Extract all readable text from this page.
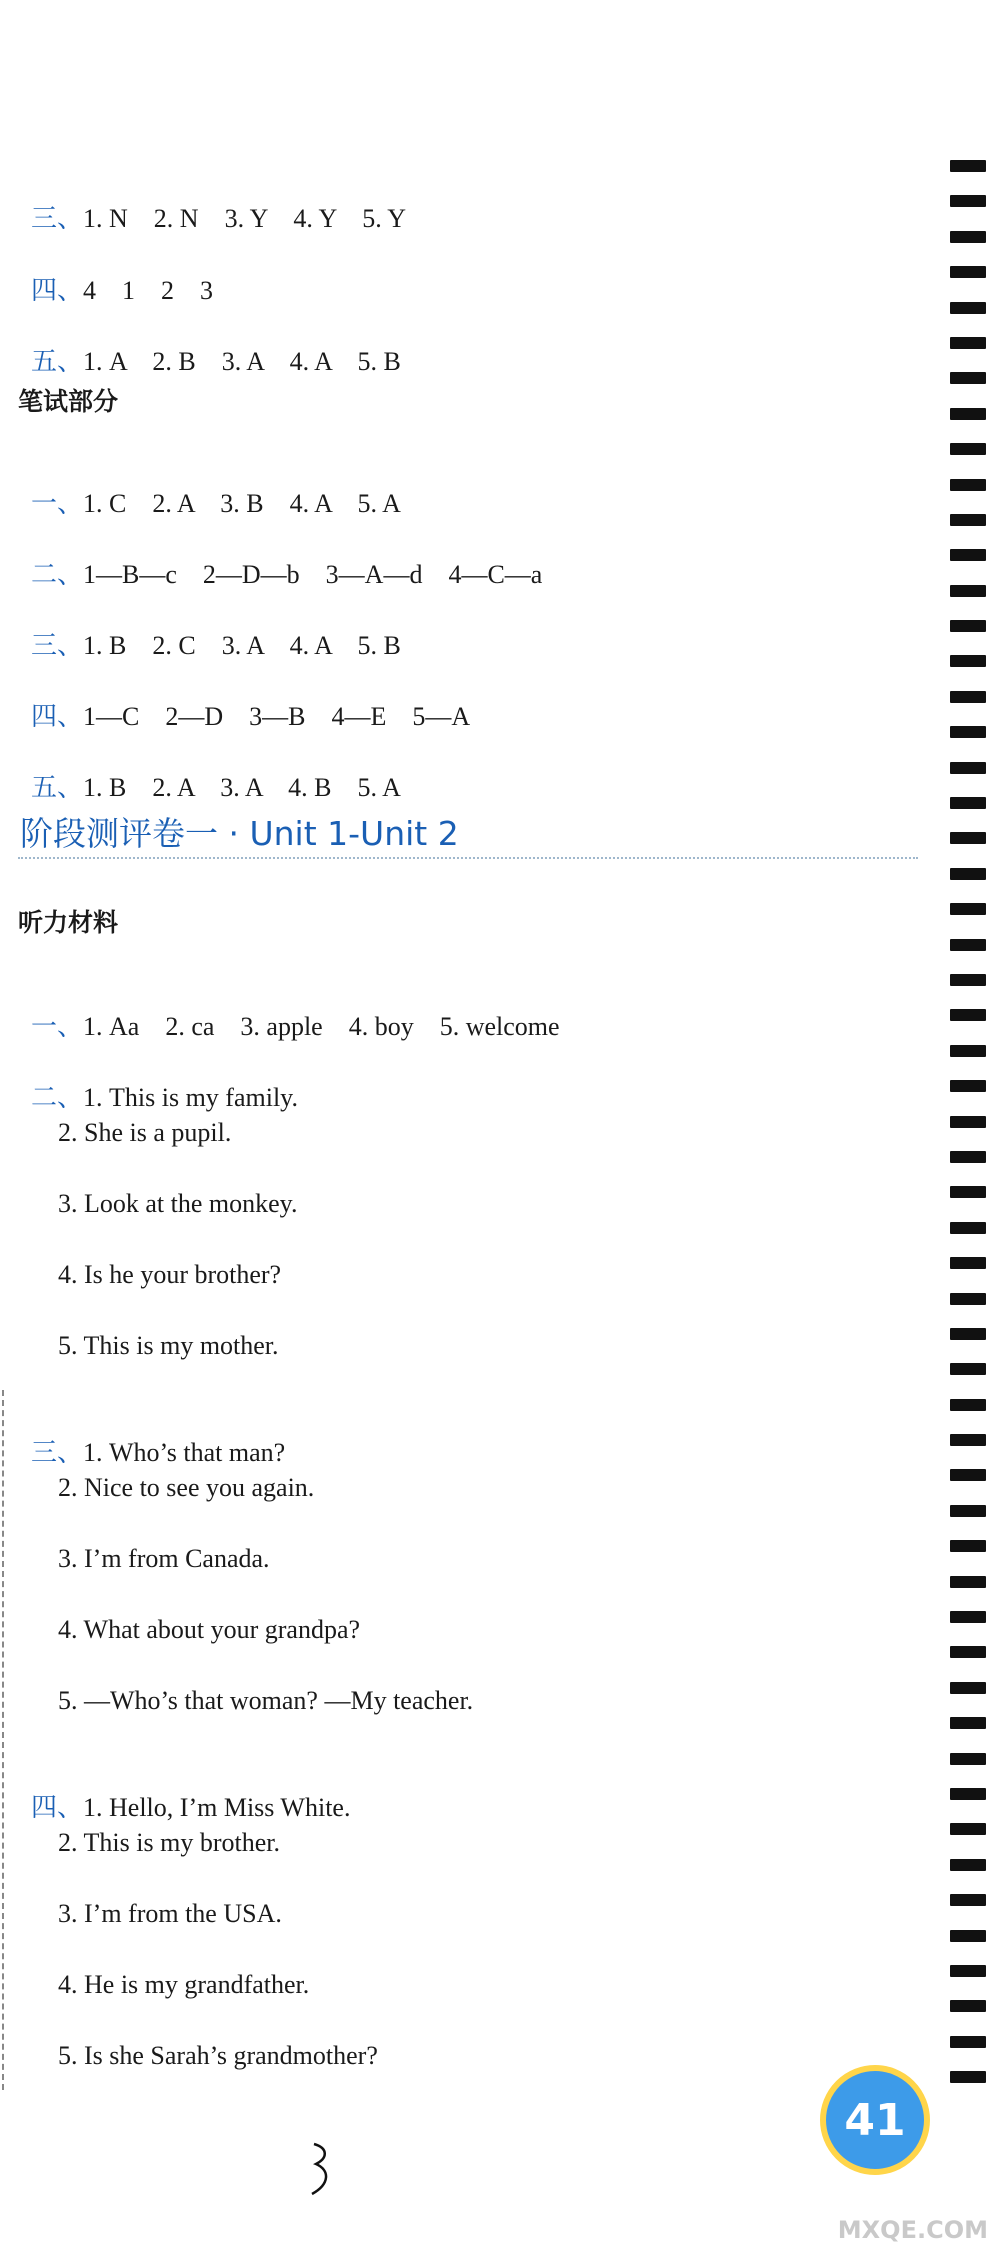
三、1. N    2. N    3. Y    4. Y    5. Y

四、4    1    2    3

五、1. A    2. B    3. A    4. A    5. B

笔试部分

一、1. C    2. A    3. B    4. A    5. A

二、1—B—c    2—D—b    3—A—d    4—C—a

三、1. B    2. C    3. A    4. A    5. B

四、1—C    2—D    3—B    4—E    5—A

五、1. B    2. A    3. A    4. B    5. A

阶段测评卷一 · Unit 1-Unit 2
听力材料

一、1. Aa    2. ca    3. apple    4. boy    5. welcome

二、1. This is my family.

2. She is a pupil.
3. Look at the monkey.
4. Is he your brother?
5. This is my mother.

三、1. Who’s that man?

2. Nice to see you again.
3. I’m from Canada.
4. What about your grandpa?
5. —Who’s that woman? —My teacher.

四、1. Hello, I’m Miss White.

2. This is my brother.
3. I’m from the USA.
4. He is my grandfather.
5. Is she Sarah’s grandmother?
41
MXQE.COM
